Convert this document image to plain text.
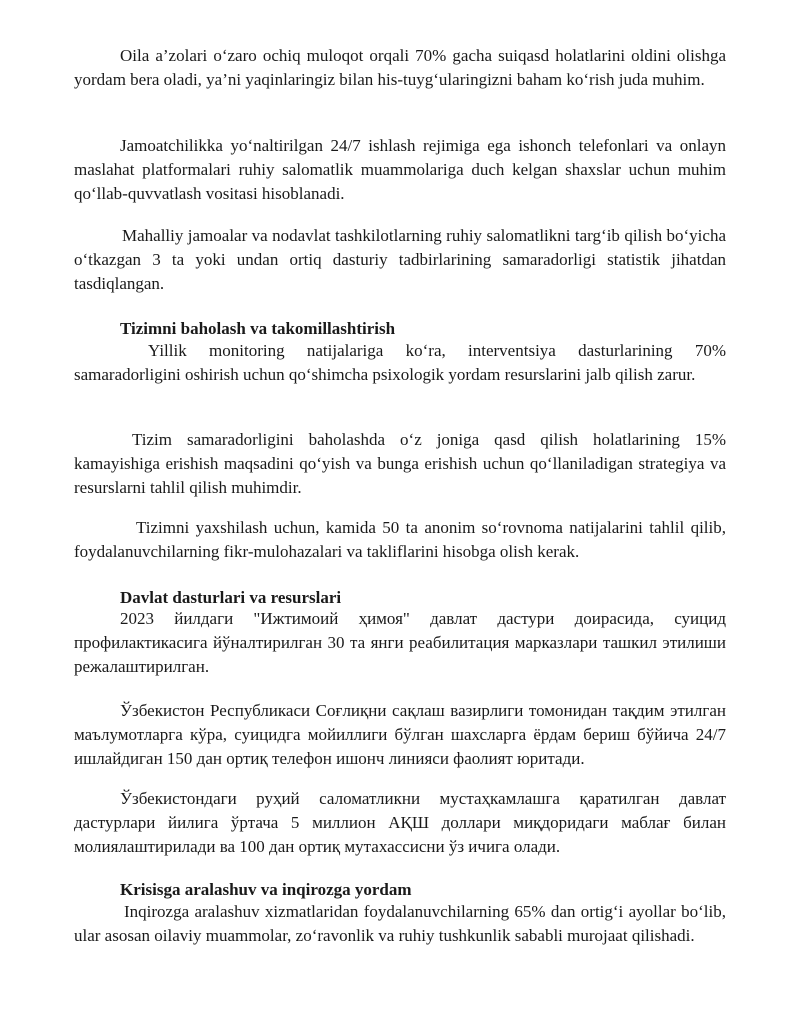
Oila a’zolari o‘zaro ochiq muloqot orqali 70% gacha suiqasd holatlarini oldini olishga yordam bera oladi, ya’ni yaqinlaringiz bilan his-tuyg‘ularingizni baham ko‘rish juda muhim.

Jamoatchilikka yo‘naltirilgan 24/7 ishlash rejimiga ega ishonch telefonlari va onlayn maslahat platformalari ruhiy salomatlik muammolariga duch kelgan shaxslar uchun muhim qo‘llab-quvvatlash vositasi hisoblanadi.

Mahalliy jamoalar va nodavlat tashkilotlarning ruhiy salomatlikni targ‘ib qilish bo‘yicha o‘tkazgan 3 ta yoki undan ortiq dasturiy tadbirlarining samaradorligi statistik jihatdan tasdiqlangan.

Tizimni baholash va takomillashtirish

Yillik monitoring natijalariga ko‘ra, interventsiya dasturlarining 70% samaradorligini oshirish uchun qo‘shimcha psixologik yordam resurslarini jalb qilish zarur.

Tizim samaradorligini baholashda o‘z joniga qasd qilish holatlarining 15% kamayishiga erishish maqsadini qo‘yish va bunga erishish uchun qo‘llaniladigan strategiya va resurslarni tahlil qilish muhimdir.

Tizimni yaxshilash uchun, kamida 50 ta anonim so‘rovnoma natijalarini tahlil qilib, foydalanuvchilarning fikr-mulohazalari va takliflarini hisobga olish kerak.

Davlat dasturlari va resurslari

2023 йилдаги "Ижтимоий ҳимоя" давлат дастури доирасида, суицид профилактикасига йўналтирилган 30 та янги реабилитация марказлари ташкил этилиши режалаштирилган.

Ўзбекистон Республикаси Соғлиқни сақлаш вазирлиги томонидан тақдим этилган маълумотларга кўра, суицидга мойиллиги бўлган шахсларга ёрдам бериш бўйича 24/7 ишлайдиган 150 дан ортиқ телефон ишонч линияси фаолият юритади.

Ўзбекистондаги руҳий саломатликни мустаҳкамлашга қаратилган давлат дастурлари йилига ўртача 5 миллион АҚШ доллари миқдоридаги маблағ билан молиялаштирилади ва 100 дан ортиқ мутахассисни ўз ичига олади.

Krisisga aralashuv va inqirozga yordam

Inqirozga aralashuv xizmatlaridan foydalanuvchilarning 65% dan ortig‘i ayollar bo‘lib, ular asosan oilaviy muammolar, zo‘ravonlik va ruhiy tushkunlik sababli murojaat qilishadi.
